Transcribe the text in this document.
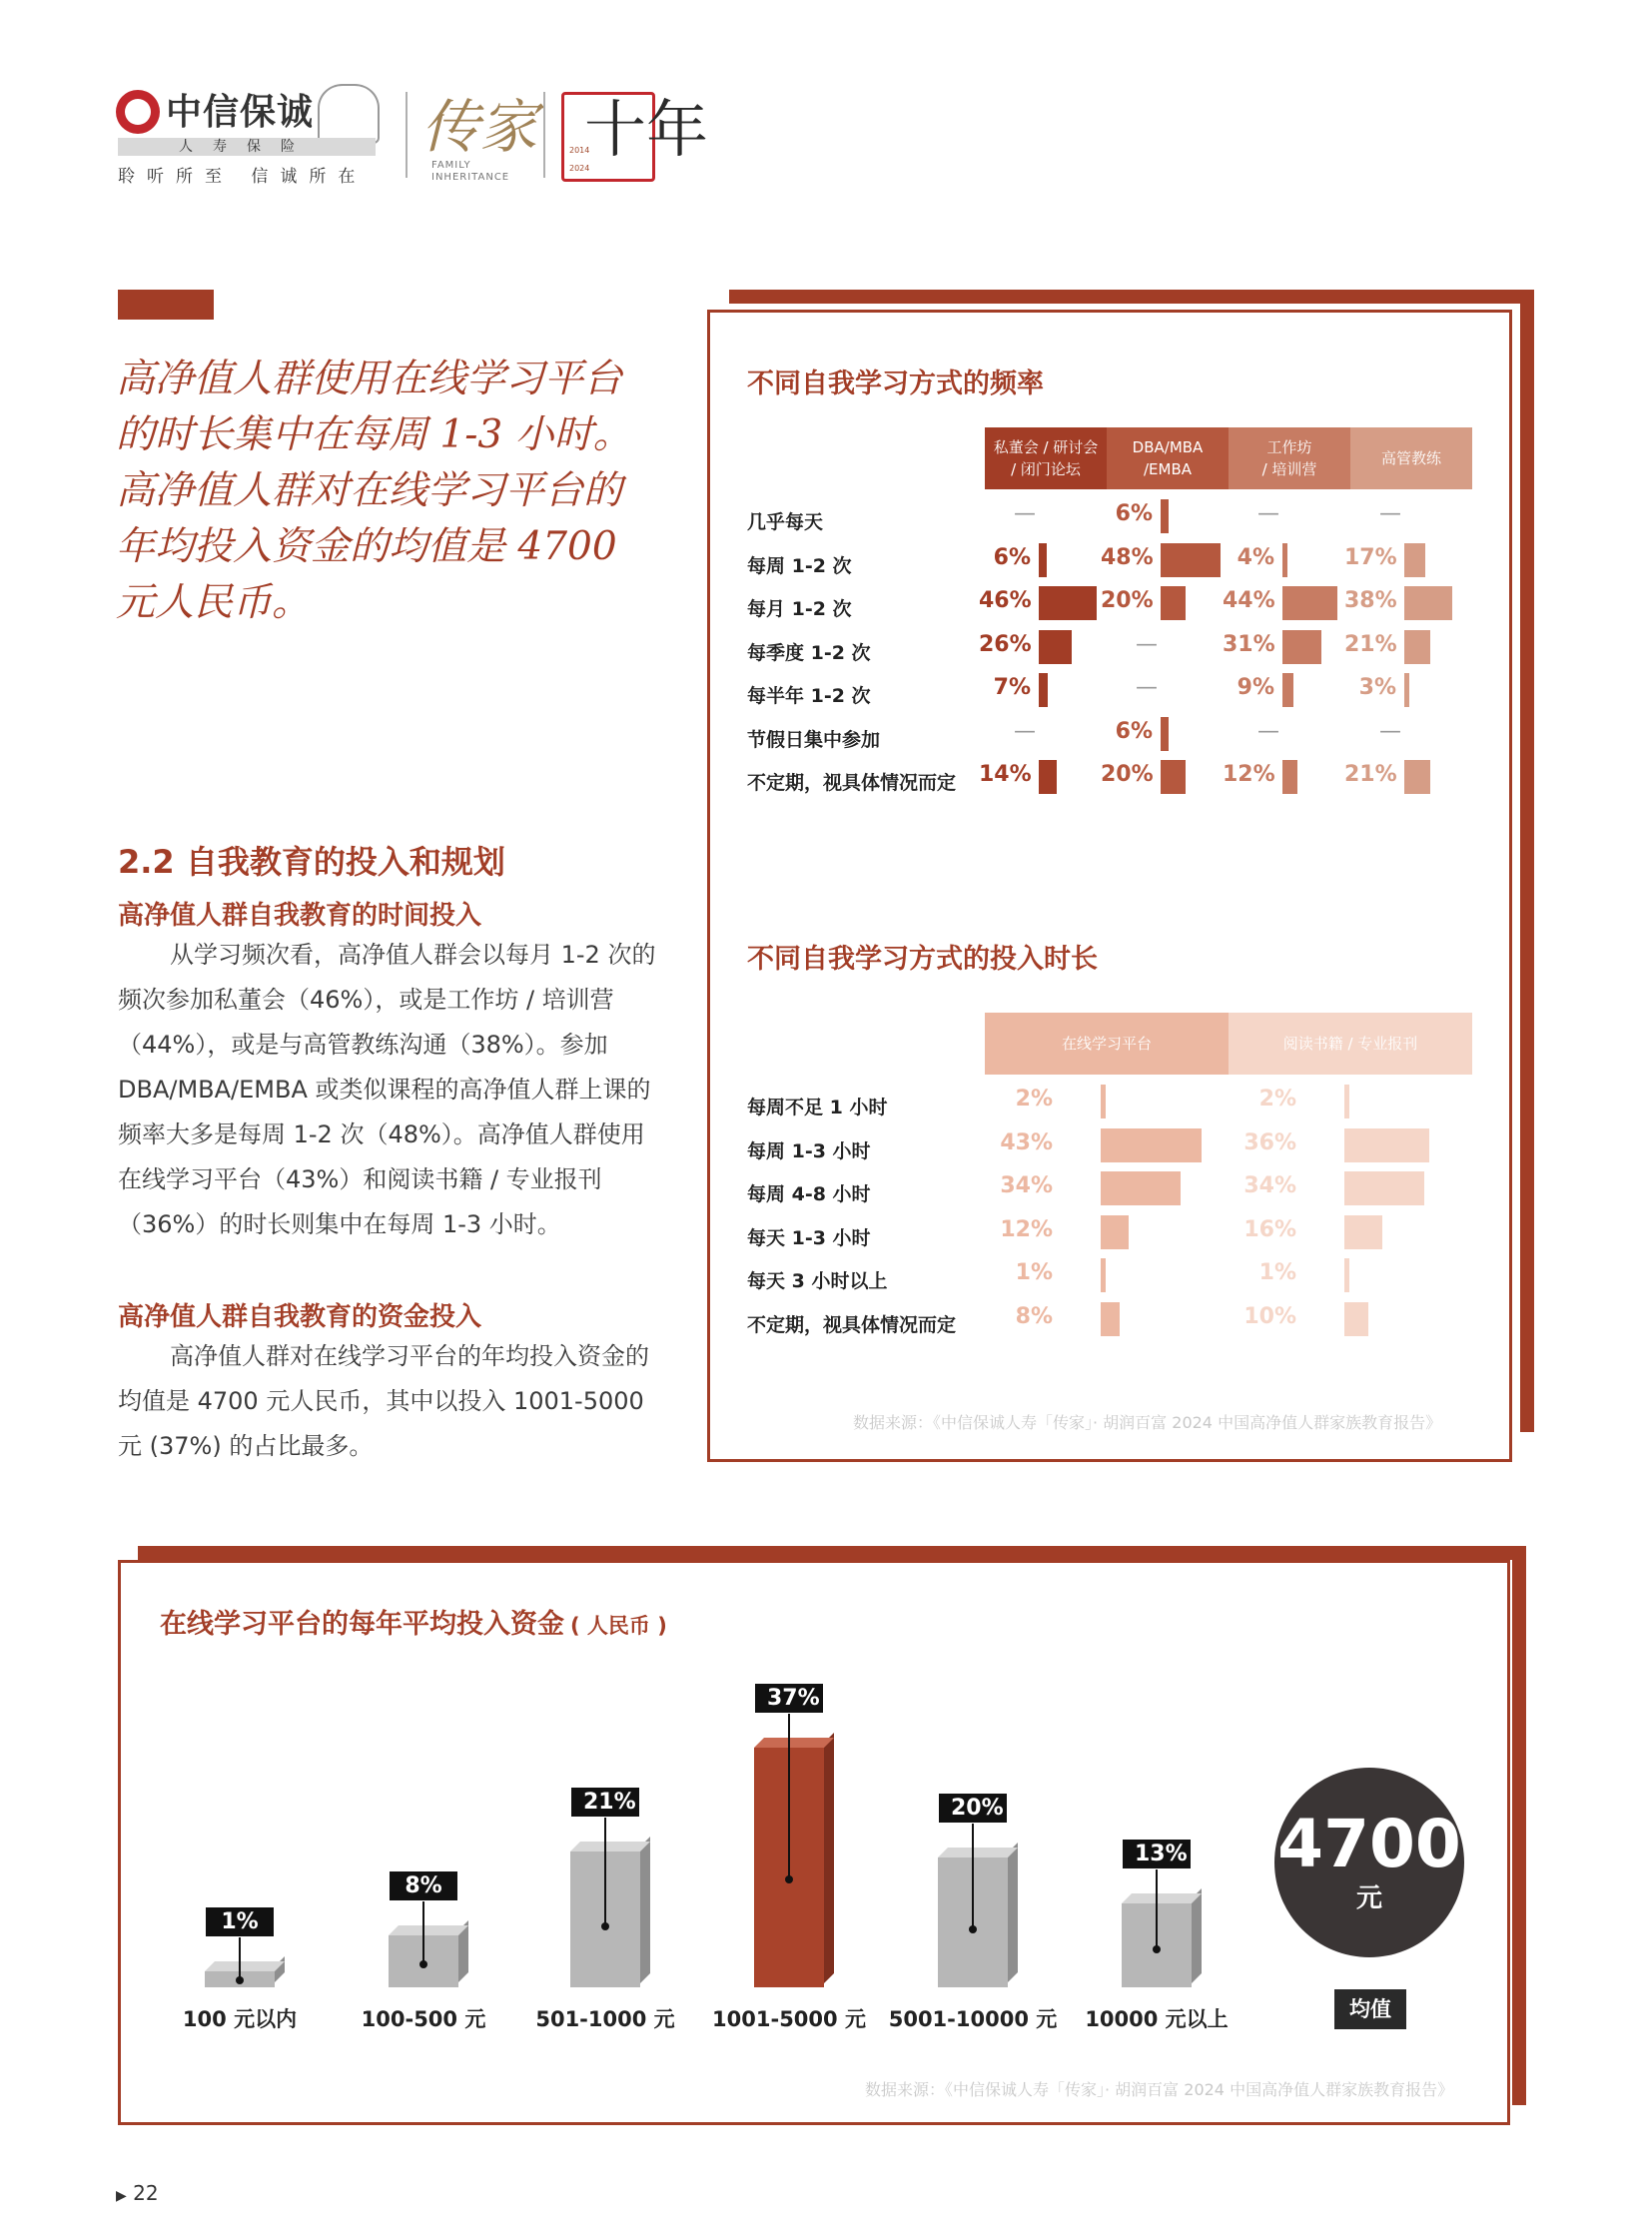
中信保诚
人寿保险
聆听所至 信诚所在
传家
FAMILY
INHERITANCE
十年
2014
2024
高净值人群使用在线学习平台的时长集中在每周 1-3 小时。高净值人群对在线学习平台的年均投入资金的均值是 4700 元人民币。
2.2 自我教育的投入和规划
高净值人群自我教育的时间投入
从学习频次看，高净值人群会以每月 1-2 次的频次参加私董会（46%），或是工作坊 / 培训营（44%），或是与高管教练沟通（38%）。参加 DBA/MBA/EMBA 或类似课程的高净值人群上课的频率大多是每周 1-2 次（48%）。高净值人群使用在线学习平台（43%）和阅读书籍 / 专业报刊（36%）的时长则集中在每周 1-3 小时。
高净值人群自我教育的资金投入
高净值人群对在线学习平台的年均投入资金的均值是 4700 元人民币，其中以投入 1001-5000 元 (37%) 的占比最多。
不同自我学习方式的频率
私董会 / 研讨会
/ 闭门论坛
DBA/MBA
/EMBA
工作坊
/ 培训营
高管教练
几乎每天	—	6%	—	—
每周 1-2 次	6%	48%	4%	17%
每月 1-2 次	46%	20%	44%	38%
每季度 1-2 次	26%	—	31%	21%
每半年 1-2 次	7%	—	9%	3%
节假日集中参加	—	6%	—	—
不定期，视具体情况而定 14%	20%	12%	21%
不同自我学习方式的投入时长
在线学习平台	阅读书籍 / 专业报刊
每周不足 1 小时	2%	2%
每周 1-3 小时	43%	36%
每周 4-8 小时	34%	34%
每天 1-3 小时	12%	16%
每天 3 小时以上	1%	1%
不定期，视具体情况而定	8%	10%
数据来源：《中信保诚人寿「传家」· 胡润百富 2024 中国高净值人群家族教育报告》
在线学习平台的每年平均投入资金 ( 人民币 )
1%
100 元以内
8%
100-500 元
21%
501-1000 元
37%
1001-5000 元
20%
5001-10000 元
13%
10000 元以上
4700
元
均值
数据来源：《中信保诚人寿「传家」· 胡润百富 2024 中国高净值人群家族教育报告》
▶ 22
